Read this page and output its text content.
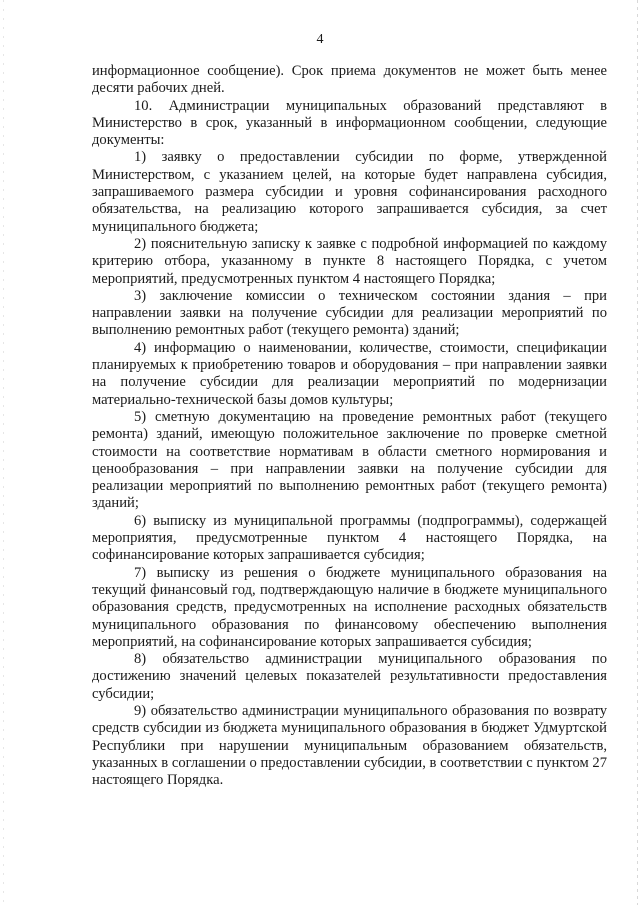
4

информационное сообщение). Срок приема документов не может быть менее десяти рабочих дней.

10. Администрации муниципальных образований представляют в Министерство в срок, указанный в информационном сообщении, следующие документы:

1) заявку о предоставлении субсидии по форме, утвержденной Министерством, с указанием целей, на которые будет направлена субсидия, запрашиваемого размера субсидии и уровня софинансирования расходного обязательства, на реализацию которого запрашивается субсидия, за счет муниципального бюджета;

2) пояснительную записку к заявке с подробной информацией по каждому критерию отбора, указанному в пункте 8 настоящего Порядка, с учетом мероприятий, предусмотренных пунктом 4 настоящего Порядка;

3) заключение комиссии о техническом состоянии здания – при направлении заявки на получение субсидии для реализации мероприятий по выполнению ремонтных работ (текущего ремонта) зданий;

4) информацию о наименовании, количестве, стоимости, спецификации планируемых к приобретению товаров и оборудования – при направлении заявки на получение субсидии для реализации мероприятий по модернизации материально-технической базы домов культуры;

5) сметную документацию на проведение ремонтных работ (текущего ремонта) зданий, имеющую положительное заключение по проверке сметной стоимости на соответствие нормативам в области сметного нормирования и ценообразования – при направлении заявки на получение субсидии для реализации мероприятий по выполнению ремонтных работ (текущего ремонта) зданий;

6) выписку из муниципальной программы (подпрограммы), содержащей мероприятия, предусмотренные пунктом 4 настоящего Порядка, на софинансирование которых запрашивается субсидия;

7) выписку из решения о бюджете муниципального образования на текущий финансовый год, подтверждающую наличие в бюджете муниципального образования средств, предусмотренных на исполнение расходных обязательств муниципального образования по финансовому обеспечению выполнения мероприятий, на софинансирование которых запрашивается субсидия;

8) обязательство администрации муниципального образования по достижению значений целевых показателей результативности предоставления субсидии;

9) обязательство администрации муниципального образования по возврату средств субсидии из бюджета муниципального образования в бюджет Удмуртской Республики при нарушении муниципальным образованием обязательств, указанных в соглашении о предоставлении субсидии, в соответствии с пунктом 27 настоящего Порядка.
